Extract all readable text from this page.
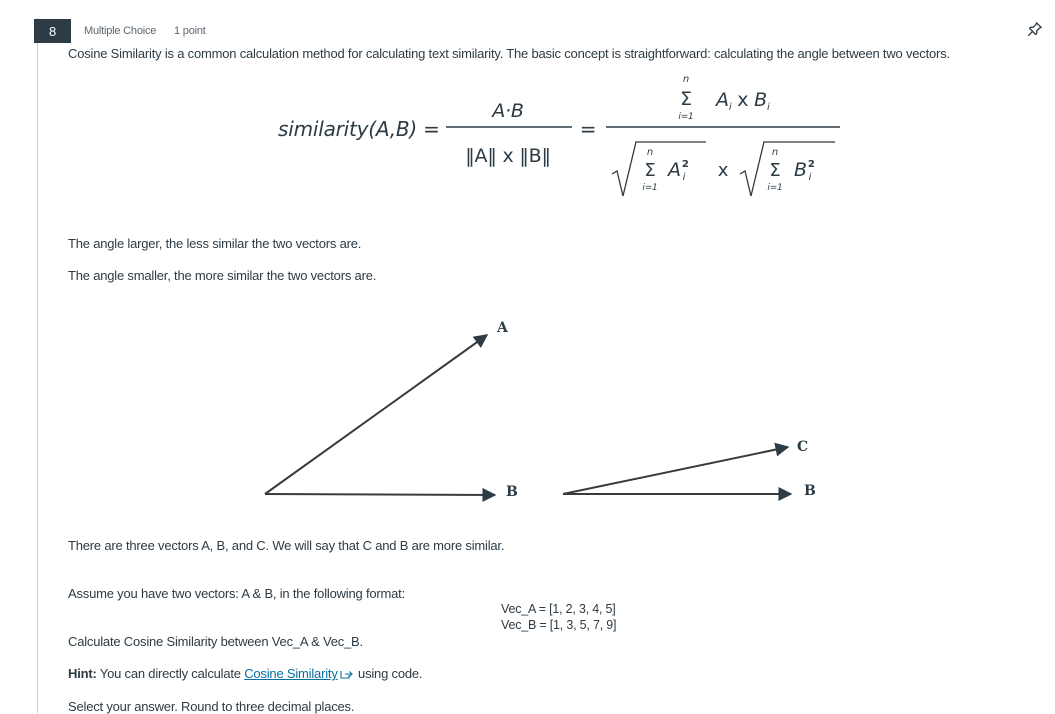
8	Multiple Choice 1 point
Cosine Similarity is a common calculation method for calculating text similarity. The basic concept is straightforward: calculating the angle between two vectors.
similarity(A,B) =
A·B
‖A‖ x ‖B‖
=
n
Σ
i=1
$A_i$ x $B_i$
n
Σ
i=1
$A^2$ i x
n
Σ
i=1
$B^2$ i
The angle larger, the less similar the two vectors are.
The angle smaller, the more similar the two vectors are.
A
B
C
B
There are three vectors A, B, and C. We will say that C and B are more similar.
Assume you have two vectors: A & B, in the following format:
Vec_A = [1, 2, 3, 4, 5]
Vec_B = [1, 3, 5, 7, 9]
Calculate Cosine Similarity between Vec_A & Vec_B.
Hint: You can directly calculate Cosine Similarity using code.
Select your answer. Round to three decimal places.
